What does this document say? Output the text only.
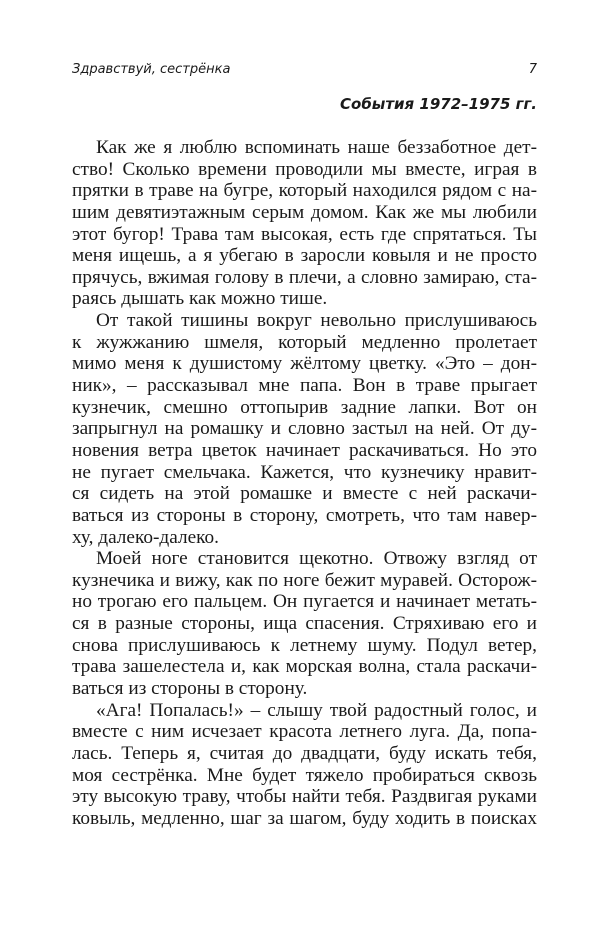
Здравствуй, сестрёнка	7
События 1972–1975 гг.
Как же я люблю вспоминать наше беззаботное дет-
ство! Сколько времени проводили мы вместе, играя в
прятки в траве на бугре, который находился рядом с на-
шим девятиэтажным серым домом. Как же мы любили
этот бугор! Трава там высокая, есть где спрятаться. Ты
меня ищешь, а я убегаю в заросли ковыля и не просто
прячусь, вжимая голову в плечи, а словно замираю, ста-
раясь дышать как можно тише.
От такой тишины вокруг невольно прислушиваюсь
к жужжанию шмеля, который медленно пролетает
мимо меня к душистому жёлтому цветку. «Это – дон-
ник», – рассказывал мне папа. Вон в траве прыгает
кузнечик, смешно оттопырив задние лапки. Вот он
запрыгнул на ромашку и словно застыл на ней. От ду-
новения ветра цветок начинает раскачиваться. Но это
не пугает смельчака. Кажется, что кузнечику нравит-
ся сидеть на этой ромашке и вместе с ней раскачи-
ваться из стороны в сторону, смотреть, что там навер-
ху, далеко-далеко.
Моей ноге становится щекотно. Отвожу взгляд от
кузнечика и вижу, как по ноге бежит муравей. Осторож-
но трогаю его пальцем. Он пугается и начинает метать-
ся в разные стороны, ища спасения. Стряхиваю его и
снова прислушиваюсь к летнему шуму. Подул ветер,
трава зашелестела и, как морская волна, стала раскачи-
ваться из стороны в сторону.
«Ага! Попалась!» – слышу твой радостный голос, и
вместе с ним исчезает красота летнего луга. Да, попа-
лась. Теперь я, считая до двадцати, буду искать тебя,
моя сестрёнка. Мне будет тяжело пробираться сквозь
эту высокую траву, чтобы найти тебя. Раздвигая руками
ковыль, медленно, шаг за шагом, буду ходить в поисках
